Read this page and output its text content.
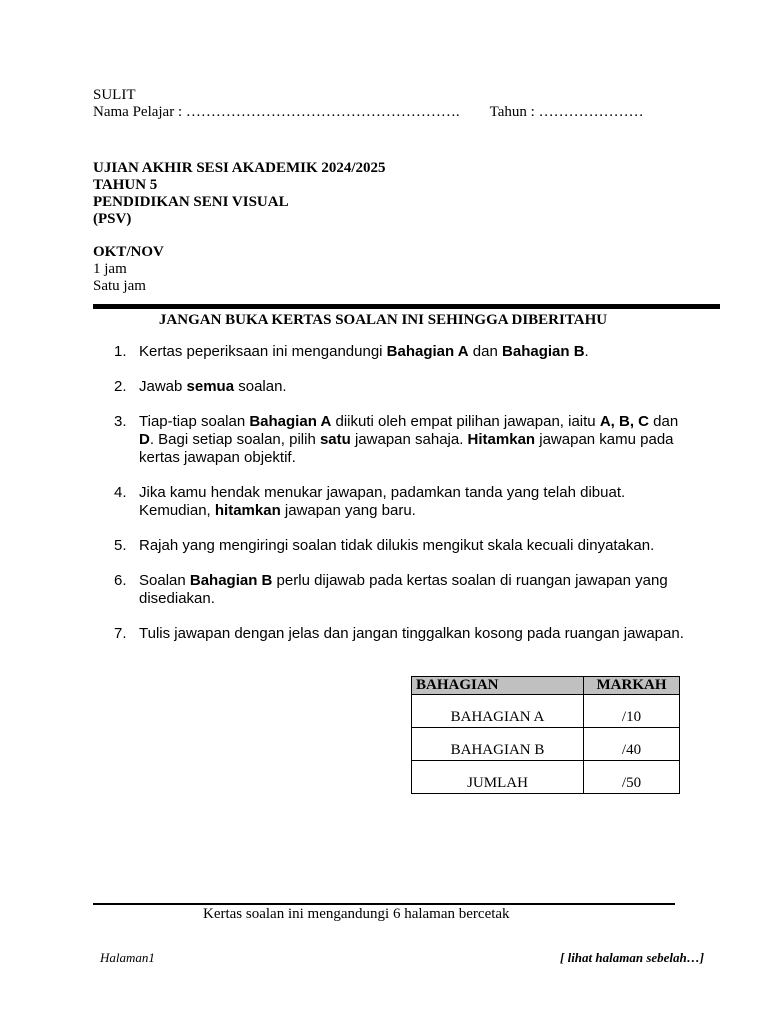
SULIT
Nama Pelajar : ………………………………………………. Tahun : …………………
UJIAN AKHIR SESI AKADEMIK 2024/2025
TAHUN 5
PENDIDIKAN SENI VISUAL
(PSV)
OKT/NOV
1 jam
Satu jam
JANGAN BUKA KERTAS SOALAN INI SEHINGGA DIBERITAHU
1. Kertas peperiksaan ini mengandungi Bahagian A dan Bahagian B.
2. Jawab semua soalan.
3. Tiap-tiap soalan Bahagian A diikuti oleh empat pilihan jawapan, iaitu A, B, C dan D. Bagi setiap soalan, pilih satu jawapan sahaja. Hitamkan jawapan kamu pada kertas jawapan objektif.
4. Jika kamu hendak menukar jawapan, padamkan tanda yang telah dibuat. Kemudian, hitamkan jawapan yang baru.
5. Rajah yang mengiringi soalan tidak dilukis mengikut skala kecuali dinyatakan.
6. Soalan Bahagian B perlu dijawab pada kertas soalan di ruangan jawapan yang disediakan.
7. Tulis jawapan dengan jelas dan jangan tinggalkan kosong pada ruangan jawapan.
BAHAGIAN	MARKAH
BAHAGIAN A	/10
BAHAGIAN B	/40
JUMLAH	/50
Kertas soalan ini mengandungi 6 halaman bercetak
Halaman1	[ lihat halaman sebelah…]
